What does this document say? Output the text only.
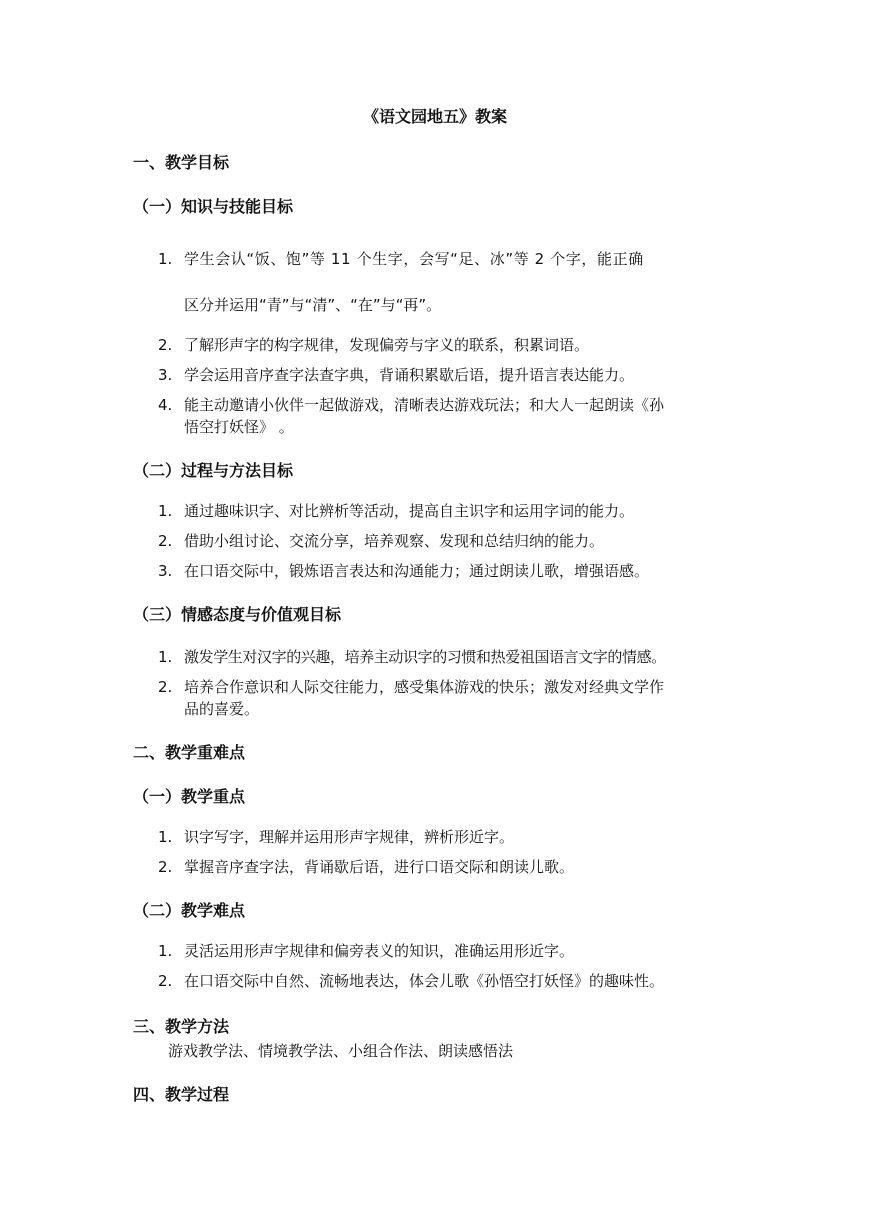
《语文园地五》教案
一、教学目标
（一）知识与技能目标
1. 学生会认“饭、饱”等 11 个生字，会写“足、冰”等 2 个字，能正确
区分并运用“青”与“清”、“在”与“再”。
2. 了解形声字的构字规律，发现偏旁与字义的联系，积累词语。
3. 学会运用音序查字法查字典，背诵积累歇后语，提升语言表达能力。
4. 能主动邀请小伙伴一起做游戏，清晰表达游戏玩法；和大人一起朗读《孙
悟空打妖怪》 。
（二）过程与方法目标
1. 通过趣味识字、对比辨析等活动，提高自主识字和运用字词的能力。
2. 借助小组讨论、交流分享，培养观察、发现和总结归纳的能力。
3. 在口语交际中，锻炼语言表达和沟通能力；通过朗读儿歌，增强语感。
（三）情感态度与价值观目标
1. 激发学生对汉字的兴趣，培养主动识字的习惯和热爱祖国语言文字的情感。
2. 培养合作意识和人际交往能力，感受集体游戏的快乐；激发对经典文学作
品的喜爱。
二、教学重难点
（一）教学重点
1. 识字写字，理解并运用形声字规律，辨析形近字。
2. 掌握音序查字法，背诵歇后语，进行口语交际和朗读儿歌。
（二）教学难点
1. 灵活运用形声字规律和偏旁表义的知识，准确运用形近字。
2. 在口语交际中自然、流畅地表达，体会儿歌《孙悟空打妖怪》的趣味性。
三、教学方法
游戏教学法、情境教学法、小组合作法、朗读感悟法
四、教学过程
